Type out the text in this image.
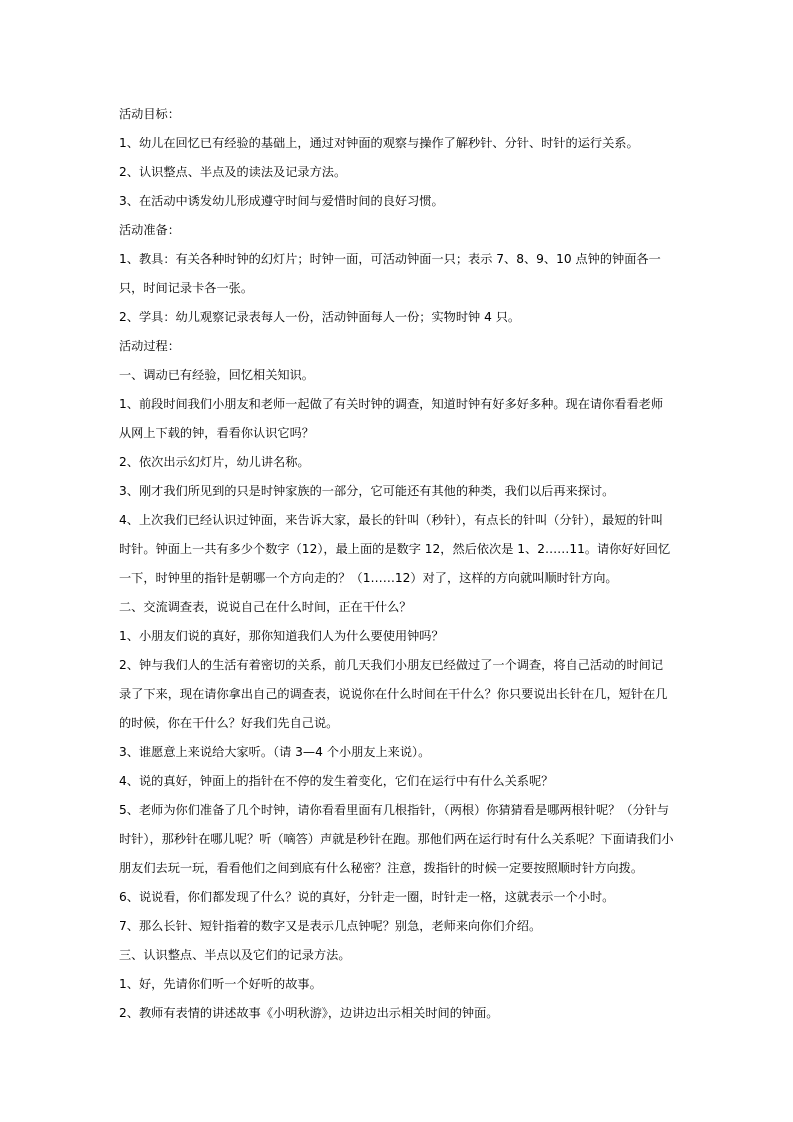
活动目标：

1、幼儿在回忆已有经验的基础上，通过对钟面的观察与操作了解秒针、分针、时针的运行关系。

2、认识整点、半点及的读法及记录方法。

3、在活动中诱发幼儿形成遵守时间与爱惜时间的良好习惯。

活动准备：

1、教具：有关各种时钟的幻灯片；时钟一面，可活动钟面一只；表示 7、8、9、10 点钟的钟面各一只，时间记录卡各一张。

2、学具：幼儿观察记录表每人一份，活动钟面每人一份；实物时钟 4 只。

活动过程：

一、调动已有经验，回忆相关知识。

1、前段时间我们小朋友和老师一起做了有关时钟的调查，知道时钟有好多好多种。现在请你看看老师从网上下载的钟，看看你认识它吗？

2、依次出示幻灯片，幼儿讲名称。

3、刚才我们所见到的只是时钟家族的一部分，它可能还有其他的种类，我们以后再来探讨。

4、上次我们已经认识过钟面，来告诉大家，最长的针叫（秒针），有点长的针叫（分针），最短的针叫时针。钟面上一共有多少个数字（12），最上面的是数字 12，然后依次是 1、2……11。请你好好回忆一下，时钟里的指针是朝哪一个方向走的？（1……12）对了，这样的方向就叫顺时针方向。

二、交流调查表，说说自己在什么时间，正在干什么？

1、小朋友们说的真好，那你知道我们人为什么要使用钟吗？

2、钟与我们人的生活有着密切的关系，前几天我们小朋友已经做过了一个调查，将自己活动的时间记录了下来，现在请你拿出自己的调查表，说说你在什么时间在干什么？你只要说出长针在几，短针在几的时候，你在干什么？好我们先自己说。

3、谁愿意上来说给大家听。（请 3—4 个小朋友上来说）。

4、说的真好，钟面上的指针在不停的发生着变化，它们在运行中有什么关系呢？

5、老师为你们准备了几个时钟，请你看看里面有几根指针，（两根）你猜猜看是哪两根针呢？（分针与时针），那秒针在哪儿呢？听（嘀答）声就是秒针在跑。那他们两在运行时有什么关系呢？下面请我们小朋友们去玩一玩，看看他们之间到底有什么秘密？注意，拨指针的时候一定要按照顺时针方向拨。

6、说说看，你们都发现了什么？说的真好，分针走一圈，时针走一格，这就表示一个小时。

7、那么长针、短针指着的数字又是表示几点钟呢？别急，老师来向你们介绍。

三、认识整点、半点以及它们的记录方法。

1、好，先请你们听一个好听的故事。

2、教师有表情的讲述故事《小明秋游》，边讲边出示相关时间的钟面。
